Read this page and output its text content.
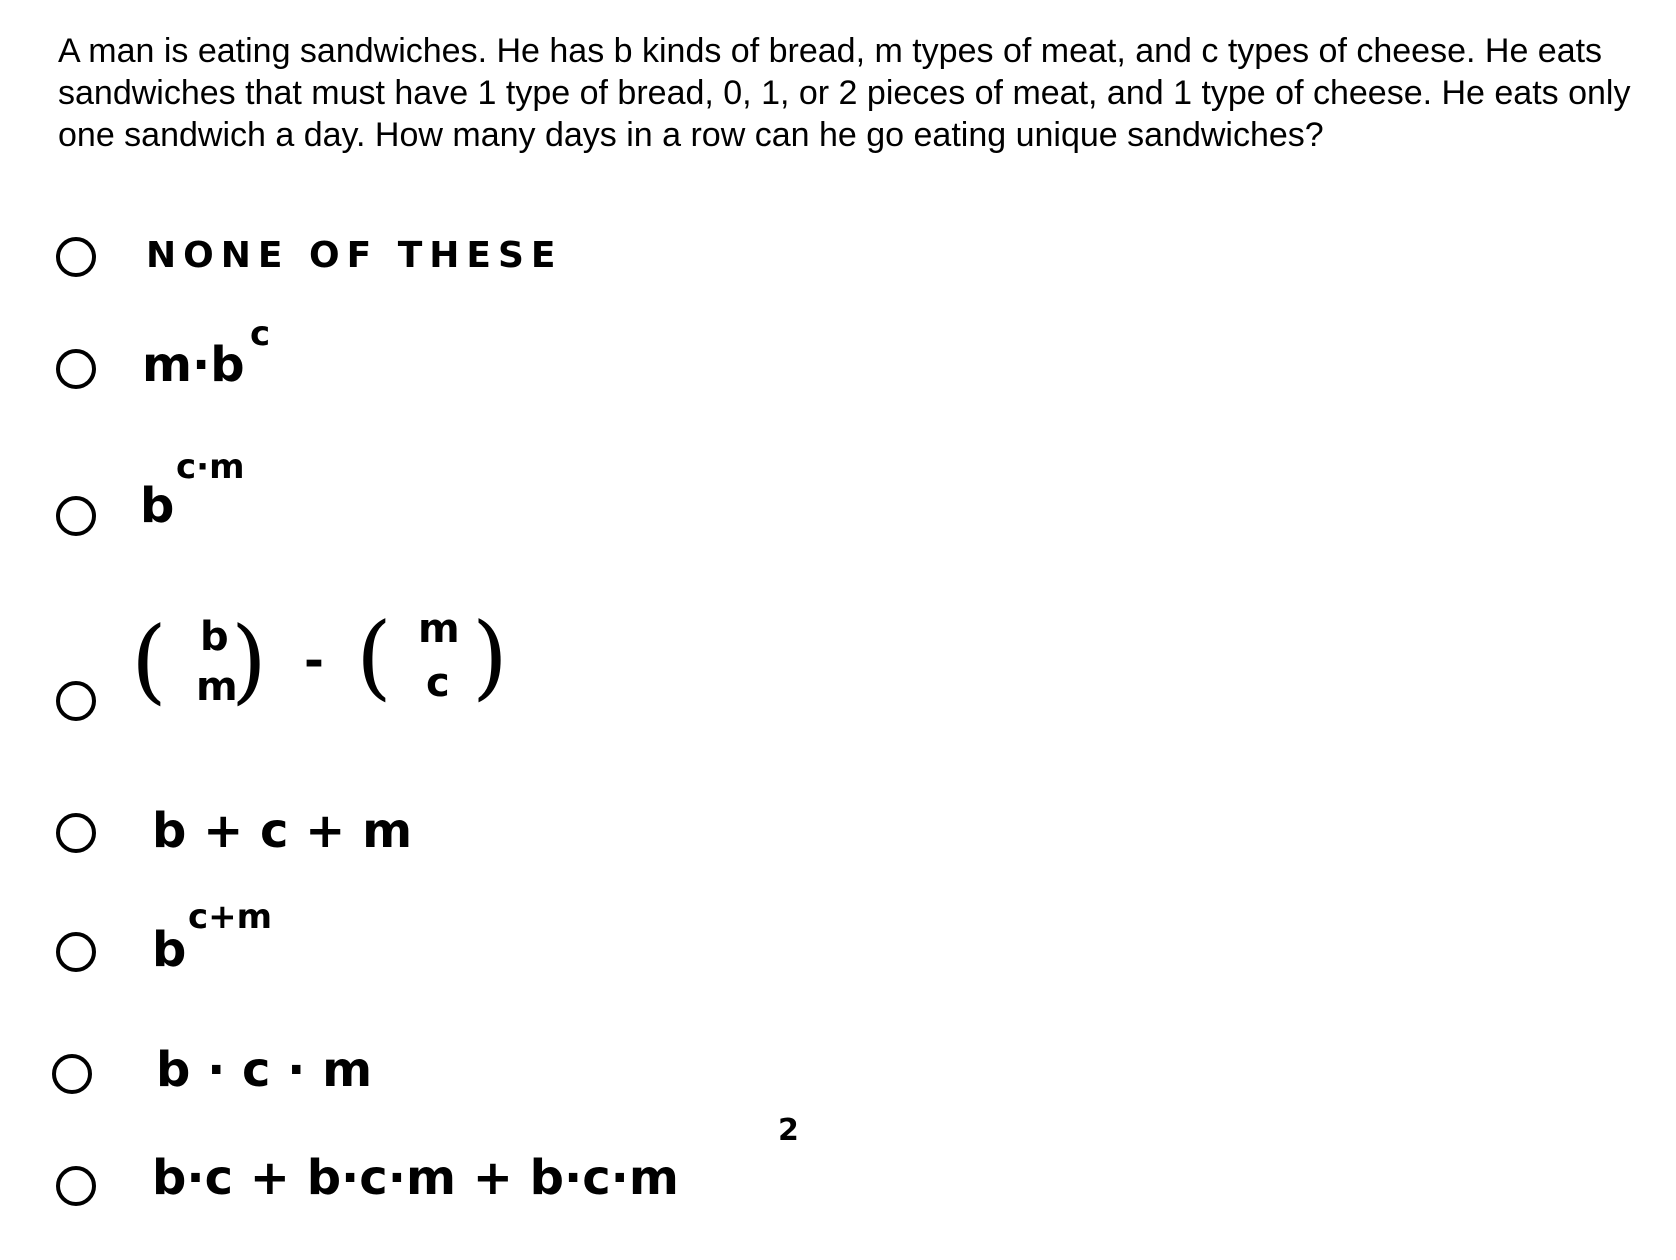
A man is eating sandwiches. He has b kinds of bread, m types of meat, and c types of cheese. He eats sandwiches that must have 1 type of bread, 0, 1, or 2 pieces of meat, and 1 type of cheese. He eats only one sandwich a day. How many days in a row can he go eating unique sandwiches?

NONE OF THESE
m·b
c
b
c·m
( b
m
) - ( m
c )
b + c + m
b
c+m
b · c · m
b·c + b·c·m + b·c·m
2
